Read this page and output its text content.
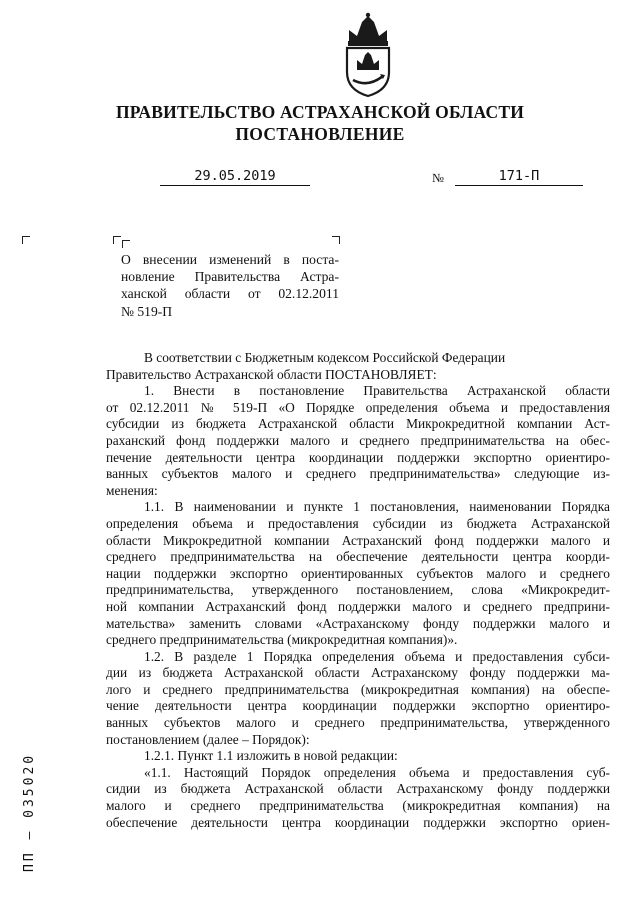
ПРАВИТЕЛЬСТВО АСТРАХАНСКОЙ ОБЛАСТИ
ПОСТАНОВЛЕНИЕ
29.05.2019	№	171-П
О внесении изменений в поста-
новление Правительства Астра-
ханской области от 02.12.2011
№ 519-П
В соответствии с Бюджетным кодексом Российской Федерации
Правительство Астраханской области ПОСТАНОВЛЯЕТ:
1. Внести в постановление Правительства Астраханской области
от 02.12.2011 № 519-П «О Порядке определения объема и предоставления
субсидии из бюджета Астраханской области Микрокредитной компании Аст-
раханский фонд поддержки малого и среднего предпринимательства на обес-
печение деятельности центра координации поддержки экспортно ориентиро-
ванных субъектов малого и среднего предпринимательства» следующие из-
менения:
1.1. В наименовании и пункте 1 постановления, наименовании Порядка
определения объема и предоставления субсидии из бюджета Астраханской
области Микрокредитной компании Астраханский фонд поддержки малого и
среднего предпринимательства на обеспечение деятельности центра коорди-
нации поддержки экспортно ориентированных субъектов малого и среднего
предпринимательства, утвержденного постановлением, слова «Микрокредит-
ной компании Астраханский фонд поддержки малого и среднего предприни-
мательства» заменить словами «Астраханскому фонду поддержки малого и
среднего предпринимательства (микрокредитная компания)».
1.2. В разделе 1 Порядка определения объема и предоставления субси-
дии из бюджета Астраханской области Астраханскому фонду поддержки ма-
лого и среднего предпринимательства (микрокредитная компания) на обеспе-
чение деятельности центра координации поддержки экспортно ориентиро-
ванных субъектов малого и среднего предпринимательства, утвержденного
постановлением (далее – Порядок):
1.2.1. Пункт 1.1 изложить в новой редакции:
«1.1. Настоящий Порядок определения объема и предоставления суб-
сидии из бюджета Астраханской области Астраханскому фонду поддержки
малого и среднего предпринимательства (микрокредитная компания) на
обеспечение деятельности центра координации поддержки экспортно ориен-
ПП – 035020
